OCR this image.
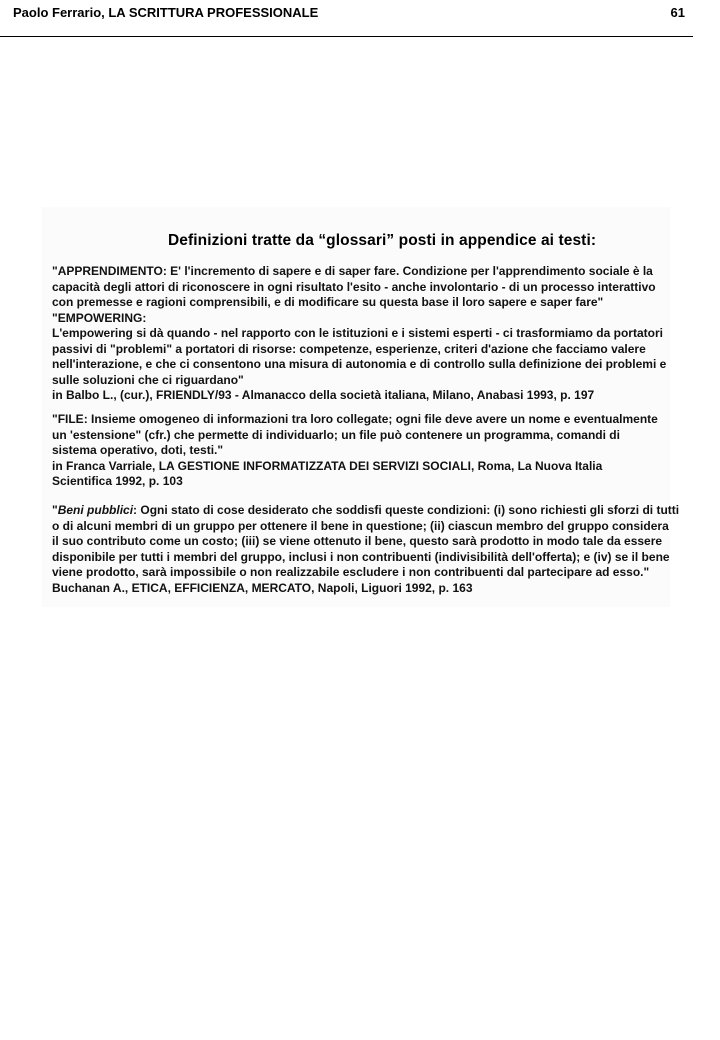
Paolo Ferrario, LA SCRITTURA PROFESSIONALE	61
Definizioni tratte da “glossari” posti in appendice ai testi:
"APPRENDIMENTO: E' l'incremento di sapere e di saper fare. Condizione per l'apprendimento sociale è la
capacità degli attori di riconoscere in ogni risultato l'esito - anche involontario - di un processo interattivo
con premesse e ragioni comprensibili, e di modificare su questa base il loro sapere e saper fare"
"EMPOWERING:
L'empowering si dà quando - nel rapporto con le istituzioni e i sistemi esperti - ci trasformiamo da portatori
passivi di "problemi" a portatori di risorse: competenze, esperienze, criteri d'azione che facciamo valere
nell'interazione, e che ci consentono una misura di autonomia e di controllo sulla definizione dei problemi e
sulle soluzioni che ci riguardano"
in Balbo L., (cur.), FRIENDLY/93 - Almanacco della società italiana, Milano, Anabasi 1993, p. 197
"FILE: Insieme omogeneo di informazioni tra loro collegate; ogni file deve avere un nome e eventualmente
un 'estensione" (cfr.) che permette di individuarlo; un file può contenere un programma, comandi di
sistema operativo, doti, testi."
in Franca Varriale, LA GESTIONE INFORMATIZZATA DEI SERVIZI SOCIALI, Roma, La Nuova Italia
Scientifica 1992, p. 103
"Beni pubblici: Ogni stato di cose desiderato che soddisfi queste condizioni: (i) sono richiesti gli sforzi di tutti
o di alcuni membri di un gruppo per ottenere il bene in questione; (ii) ciascun membro del gruppo considera
il suo contributo come un costo; (iii) se viene ottenuto il bene, questo sarà prodotto in modo tale da essere
disponibile per tutti i membri del gruppo, inclusi i non contribuenti (indivisibilità dell'offerta); e (iv) se il bene
viene prodotto, sarà impossibile o non realizzabile escludere i non contribuenti dal partecipare ad esso."
Buchanan A., ETICA, EFFICIENZA, MERCATO, Napoli, Liguori 1992, p. 163
